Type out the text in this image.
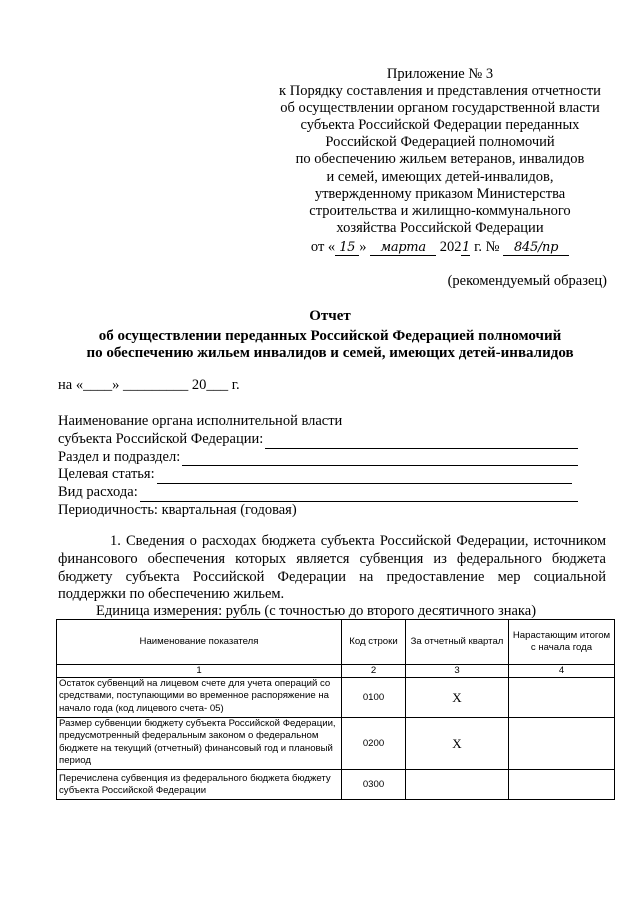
Приложение № 3
к Порядку составления и представления отчетности
об осуществлении органом государственной власти
субъекта Российской Федерации переданных
Российской Федерацией полномочий
по обеспечению жильем ветеранов, инвалидов
и семей, имеющих детей-инвалидов,
утвержденному приказом Министерства
строительства и жилищно-коммунального
хозяйства Российской Федерации
от « 15 » марта 2021 г. № 845/пр
(рекомендуемый образец)
Отчет
об осуществлении переданных Российской Федерацией полномочий
по обеспечению жильем инвалидов и семей, имеющих детей-инвалидов
на «____» _________ 20___ г.
Наименование органа исполнительной власти
субъекта Российской Федерации:
Раздел и подраздел:
Целевая статья:
Вид расхода:
Периодичность: квартальная (годовая)
1. Сведения о расходах бюджета субъекта Российской Федерации, источником финансового обеспечения которых является субвенция из федерального бюджета бюджету субъекта Российской Федерации на предоставление мер социальной поддержки по обеспечению жильем.
Единица измерения: рубль (с точностью до второго десятичного знака)
Наименование показателя	Код строки	За отчетный квартал	Нарастающим итогом с начала года
1	2	3	4
Остаток субвенций на лицевом счете для учета операций со средствами, поступающими во временное распоряжение на начало года (код лицевого счета- 05)	0100	X	
Размер субвенции бюджету субъекта Российской Федерации, предусмотренный федеральным законом о федеральном бюджете на текущий (отчетный) финансовый год и плановый период	0200	X	
Перечислена субвенция из федерального бюджета бюджету субъекта Российской Федерации	0300		
